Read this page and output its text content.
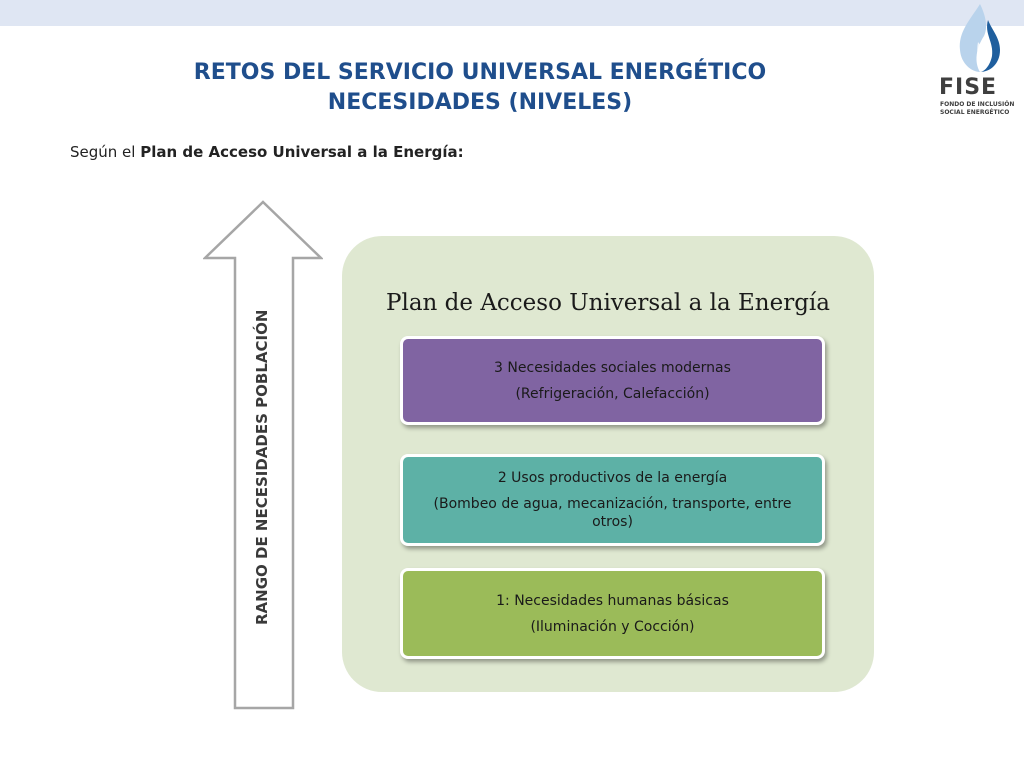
FISE
FONDO DE INCLUSIÓN
SOCIAL ENERGÉTICO
RETOS DEL SERVICIO UNIVERSAL ENERGÉTICO
NECESIDADES (NIVELES)
Según el Plan de Acceso Universal a la Energía:
RANGO DE NECESIDADES POBLACIÓN
Plan de Acceso Universal a la Energía

3 Necesidades sociales modernas

(Refrigeración, Calefacción)

2 Usos productivos de la energía

(Bombeo de agua, mecanización, transporte, entre otros)

1: Necesidades humanas básicas

(Iluminación y Cocción)
